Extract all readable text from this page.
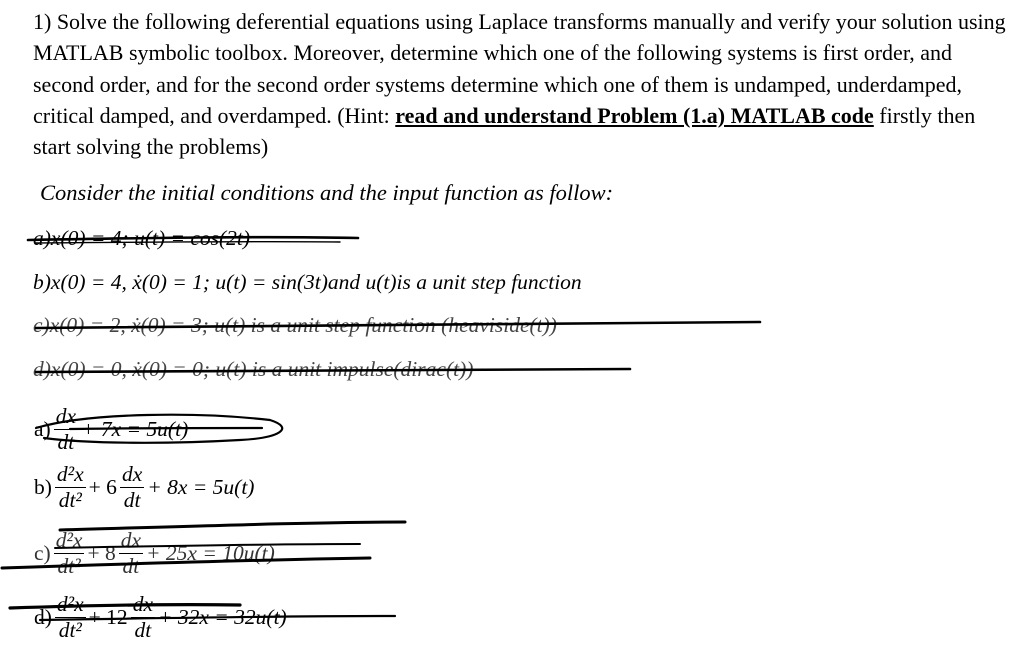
1) Solve the following deferential equations using Laplace transforms manually and verify your solution using MATLAB symbolic toolbox. Moreover, determine which one of the following systems is first order, and second order, and for the second order systems determine which one of them is undamped, underdamped, critical damped, and overdamped. (Hint: read and understand Problem (1.a) MATLAB code firstly then start solving the problems)
Consider the initial conditions and the input function as follow:
a)x(0) = 4; u(t) = cos(2t)
b)x(0) = 4, ẋ(0) = 1; u(t) = sin(3t)and u(t)is a unit step function
c)x(0) = 2, ẋ(0) = 3; u(t) is a unit step function (heaviside(t))
d)x(0) = 0, ẋ(0) = 0; u(t) is a unit impulse(dirac(t))
$a) \frac{dx}{dt} + 7x = 5u(t)$
$b) \frac{\text{d²x}}{\text{dt²}} + 6 \frac{dx}{dt} + 8x = 5u(t)$
$c) \frac{\text{d²x}}{\text{dt²}} + 8 \frac{dx}{dt} + 25x = 10u(t)$
$d) \frac{\text{d²x}}{\text{dt²}} + 12 \frac{dx}{dt} + 32x = 32u(t)$
